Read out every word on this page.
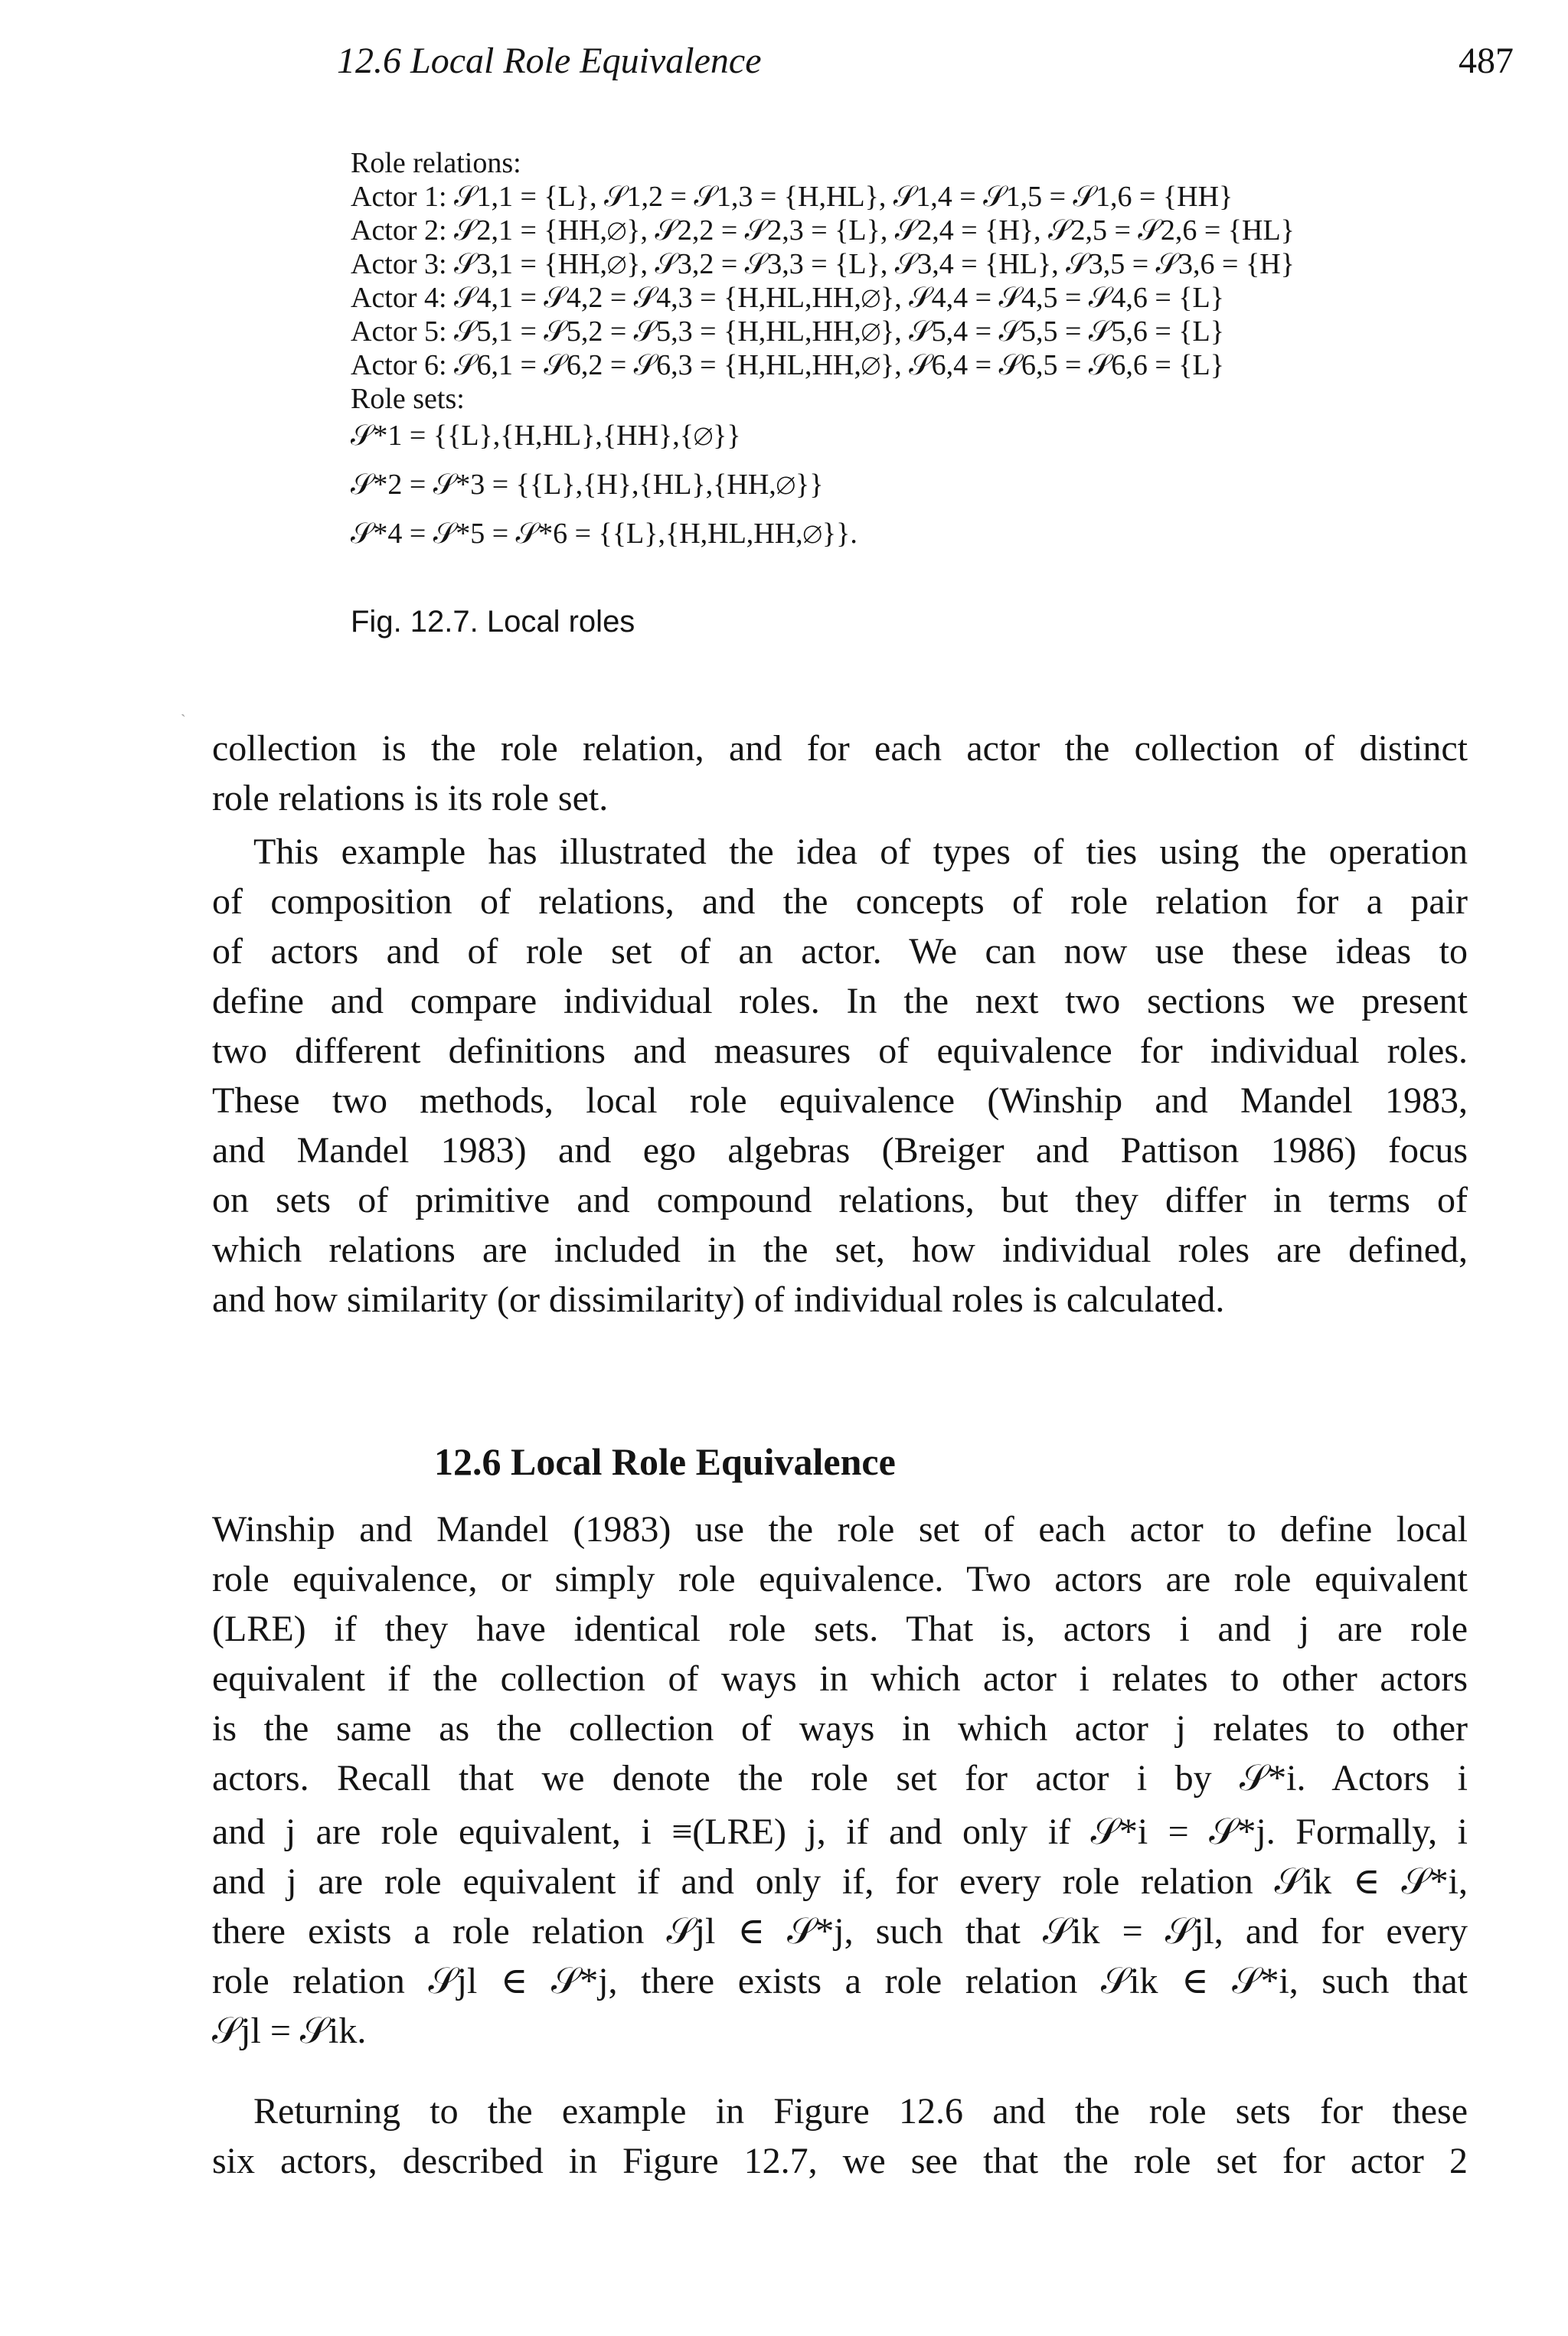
12.6 Local Role Equivalence	487
Role relations:
Actor 1: 𝒮1,1 = {L}, 𝒮1,2 = 𝒮1,3 = {H,HL}, 𝒮1,4 = 𝒮1,5 = 𝒮1,6 = {HH}
Actor 2: 𝒮2,1 = {HH,∅}, 𝒮2,2 = 𝒮2,3 = {L}, 𝒮2,4 = {H}, 𝒮2,5 = 𝒮2,6 = {HL}
Actor 3: 𝒮3,1 = {HH,∅}, 𝒮3,2 = 𝒮3,3 = {L}, 𝒮3,4 = {HL}, 𝒮3,5 = 𝒮3,6 = {H}
Actor 4: 𝒮4,1 = 𝒮4,2 = 𝒮4,3 = {H,HL,HH,∅}, 𝒮4,4 = 𝒮4,5 = 𝒮4,6 = {L}
Actor 5: 𝒮5,1 = 𝒮5,2 = 𝒮5,3 = {H,HL,HH,∅}, 𝒮5,4 = 𝒮5,5 = 𝒮5,6 = {L}
Actor 6: 𝒮6,1 = 𝒮6,2 = 𝒮6,3 = {H,HL,HH,∅}, 𝒮6,4 = 𝒮6,5 = 𝒮6,6 = {L}
Role sets:
𝒮*1 = {{L},{H,HL},{HH},{∅}}
𝒮*2 = 𝒮*3 = {{L},{H},{HL},{HH,∅}}
𝒮*4 = 𝒮*5 = 𝒮*6 = {{L},{H,HL,HH,∅}}.
Fig. 12.7. Local roles
`
collection is the role relation, and for each actor the collection of distinct
role relations is its role set.
This example has illustrated the idea of types of ties using the operation
of composition of relations, and the concepts of role relation for a pair
of actors and of role set of an actor. We can now use these ideas to
define and compare individual roles. In the next two sections we present
two different definitions and measures of equivalence for individual roles.
These two methods, local role equivalence (Winship and Mandel 1983,
and Mandel 1983) and ego algebras (Breiger and Pattison 1986) focus
on sets of primitive and compound relations, but they differ in terms of
which relations are included in the set, how individual roles are defined,
and how similarity (or dissimilarity) of individual roles is calculated.
12.6 Local Role Equivalence
Winship and Mandel (1983) use the role set of each actor to define local
role equivalence, or simply role equivalence. Two actors are role equivalent
(LRE) if they have identical role sets. That is, actors i and j are role
equivalent if the collection of ways in which actor i relates to other actors
is the same as the collection of ways in which actor j relates to other
actors. Recall that we denote the role set for actor i by 𝒮*i. Actors i
and j are role equivalent, i ≡(LRE) j, if and only if 𝒮*i = 𝒮*j. Formally, i
and j are role equivalent if and only if, for every role relation 𝒮ik ∈ 𝒮*i,
there exists a role relation 𝒮jl ∈ 𝒮*j, such that 𝒮ik = 𝒮jl, and for every
role relation 𝒮jl ∈ 𝒮*j, there exists a role relation 𝒮ik ∈ 𝒮*i, such that
𝒮jl = 𝒮ik.
Returning to the example in Figure 12.6 and the role sets for these
six actors, described in Figure 12.7, we see that the role set for actor 2
